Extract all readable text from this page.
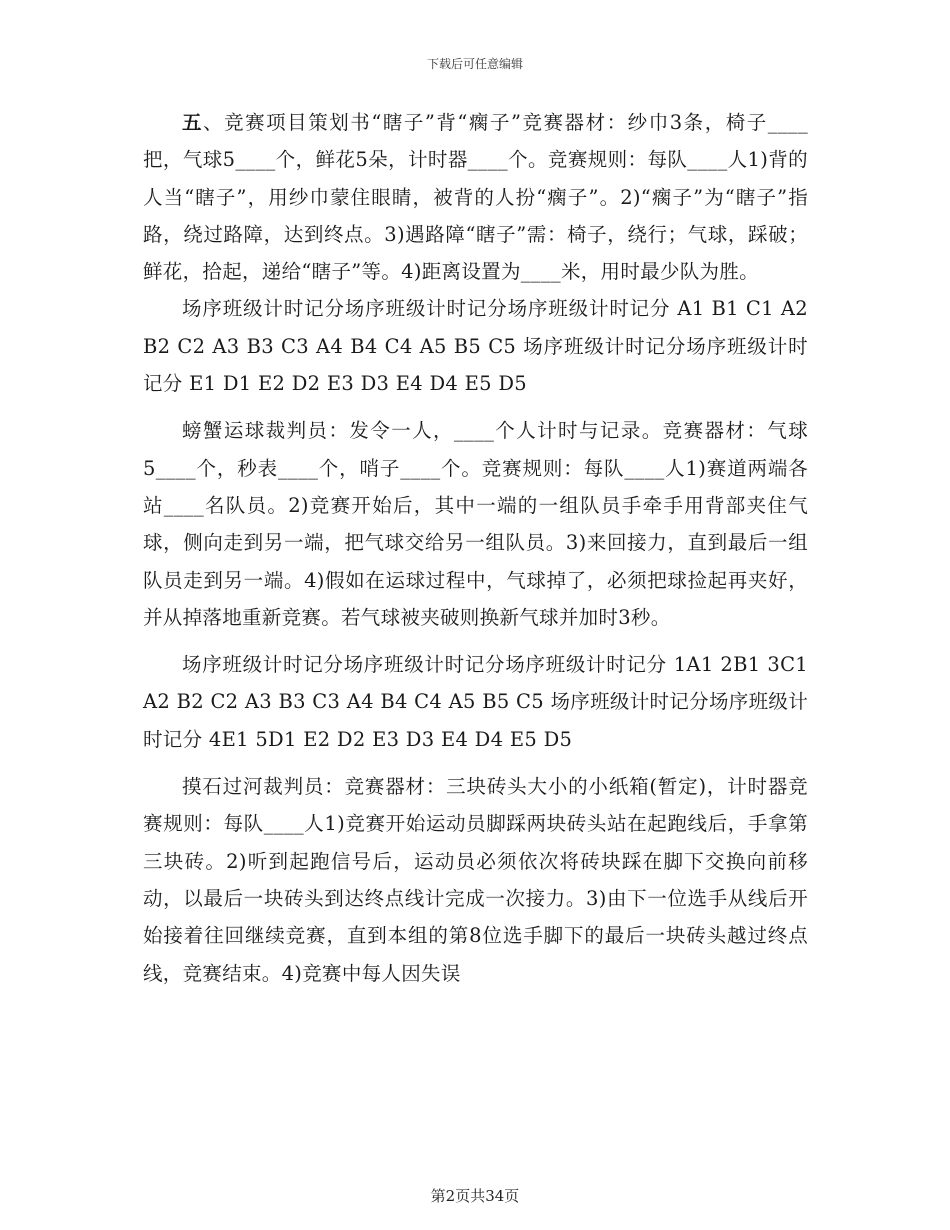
下载后可任意编辑

五、竞赛项目策划书“瞎子”背“瘸子”竞赛器材：纱巾3条，椅子____把，气球5____个，鲜花5朵，计时器____个。竞赛规则：每队____人1)背的人当“瞎子”，用纱巾蒙住眼睛，被背的人扮“瘸子”。2)“瘸子”为“瞎子”指路，绕过路障，达到终点。3)遇路障“瞎子”需：椅子，绕行；气球，踩破；鲜花，拾起，递给“瞎子”等。4)距离设置为____米，用时最少队为胜。

场序班级计时记分场序班级计时记分场序班级计时记分 A1 B1 C1 A2 B2 C2 A3 B3 C3 A4 B4 C4 A5 B5 C5 场序班级计时记分场序班级计时记分 E1 D1 E2 D2 E3 D3 E4 D4 E5 D5

螃蟹运球裁判员：发令一人，____个人计时与记录。竞赛器材：气球5____个，秒表____个，哨子____个。竞赛规则：每队____人1)赛道两端各站____名队员。2)竞赛开始后，其中一端的一组队员手牵手用背部夹住气球，侧向走到另一端，把气球交给另一组队员。3)来回接力，直到最后一组队员走到另一端。4)假如在运球过程中，气球掉了，必须把球捡起再夹好，并从掉落地重新竞赛。若气球被夹破则换新气球并加时3秒。

场序班级计时记分场序班级计时记分场序班级计时记分 1A1 2B1 3C1 A2 B2 C2 A3 B3 C3 A4 B4 C4 A5 B5 C5 场序班级计时记分场序班级计时记分 4E1 5D1 E2 D2 E3 D3 E4 D4 E5 D5

摸石过河裁判员：竞赛器材：三块砖头大小的小纸箱(暂定)，计时器竞赛规则：每队____人1)竞赛开始运动员脚踩两块砖头站在起跑线后，手拿第三块砖。2)听到起跑信号后，运动员必须依次将砖块踩在脚下交换向前移动，以最后一块砖头到达终点线计完成一次接力。3)由下一位选手从线后开始接着往回继续竞赛，直到本组的第8位选手脚下的最后一块砖头越过终点线，竞赛结束。4)竞赛中每人因失误

第2页共34页
